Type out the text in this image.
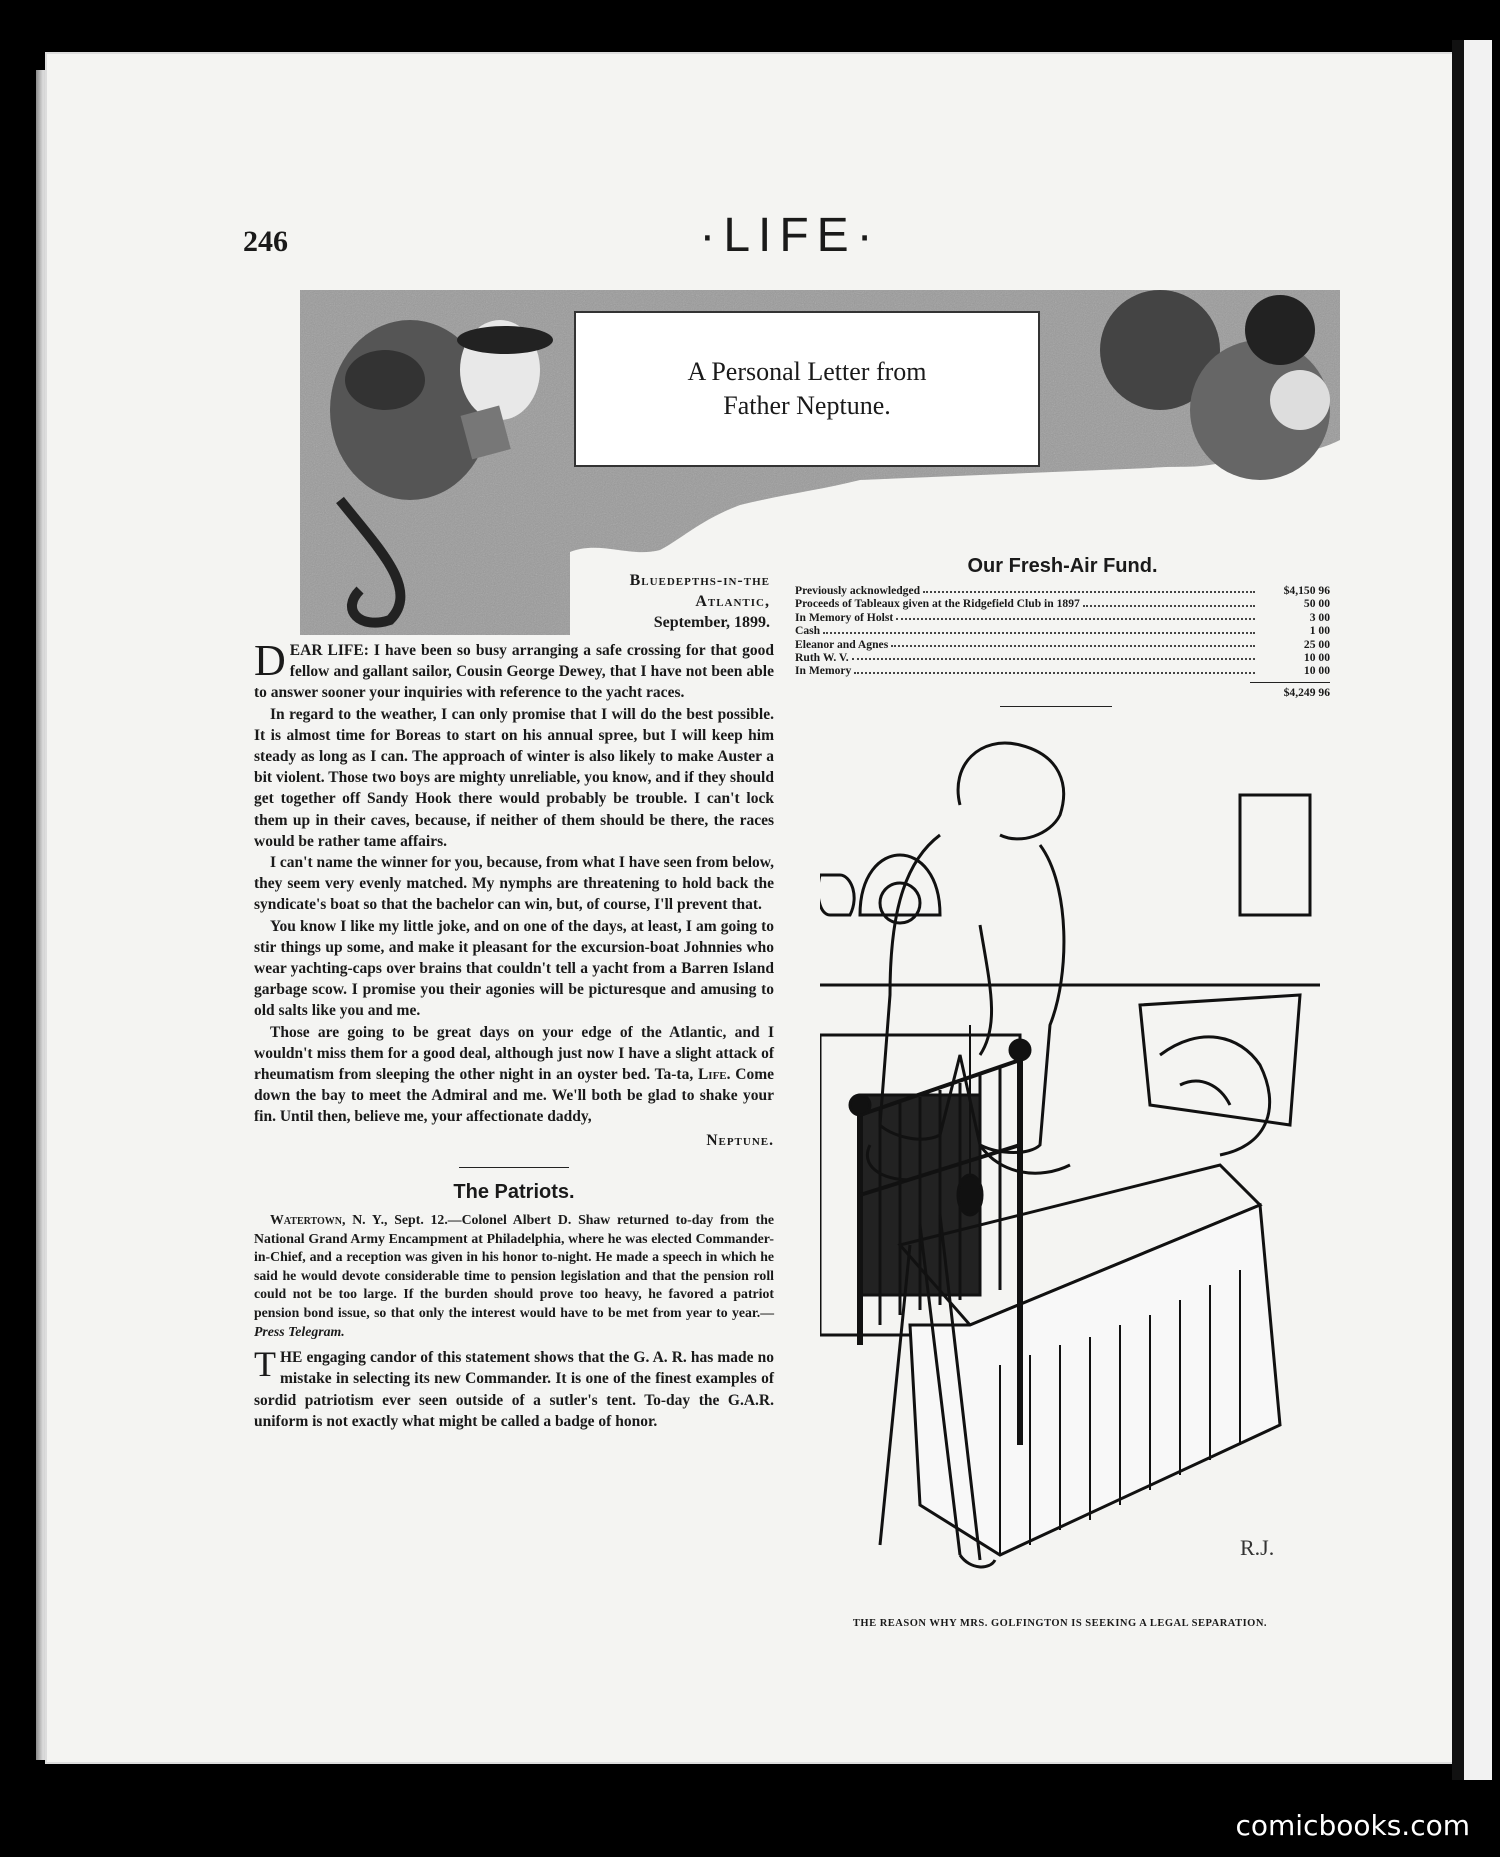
246	·LIFE·
A Personal Letter from
Father Neptune.
Bluedepths-in-the
Atlantic,
September, 1899.

DEAR LIFE: I have been so busy arranging a safe crossing for that good fellow and gallant sailor, Cousin George Dewey, that I have not been able to answer sooner your inquiries with reference to the yacht races.

In regard to the weather, I can only promise that I will do the best possible. It is almost time for Boreas to start on his annual spree, but I will keep him steady as long as I can. The approach of winter is also likely to make Auster a bit violent. Those two boys are mighty unreliable, you know, and if they should get together off Sandy Hook there would probably be trouble. I can't lock them up in their caves, because, if neither of them should be there, the races would be rather tame affairs.

I can't name the winner for you, because, from what I have seen from below, they seem very evenly matched. My nymphs are threatening to hold back the syndicate's boat so that the bachelor can win, but, of course, I'll prevent that.

You know I like my little joke, and on one of the days, at least, I am going to stir things up some, and make it pleasant for the excursion-boat Johnnies who wear yachting-caps over brains that couldn't tell a yacht from a Barren Island garbage scow. I promise you their agonies will be picturesque and amusing to old salts like you and me.

Those are going to be great days on your edge of the Atlantic, and I wouldn't miss them for a good deal, although just now I have a slight attack of rheumatism from sleeping the other night in an oyster bed. Ta-ta, Life. Come down the bay to meet the Admiral and me. We'll both be glad to shake your fin. Until then, believe me, your affectionate daddy,

Neptune.
The Patriots.

Watertown, N. Y., Sept. 12.—Colonel Albert D. Shaw returned to-day from the National Grand Army Encampment at Philadelphia, where he was elected Commander-in-Chief, and a reception was given in his honor to-night. He made a speech in which he said he would devote considerable time to pension legislation and that the pension roll could not be too large. If the burden should prove too heavy, he favored a patriot pension bond issue, so that only the interest would have to be met from year to year.—Press Telegram.

THE engaging candor of this statement shows that the G. A. R. has made no mistake in selecting its new Commander. It is one of the finest examples of sordid patriotism ever seen outside of a sutler's tent. To-day the G.A.R. uniform is not exactly what might be called a badge of honor.

Our Fresh-Air Fund.
Previously acknowledged	$4,150 96
Proceeds of Tableaux given at the Ridgefield Club in 1897	50 00
In Memory of Holst	3 00
Cash	1 00
Eleanor and Agnes	25 00
Ruth W. V.	10 00
In Memory	10 00
$4,249 96
R.J.
THE REASON WHY MRS. GOLFINGTON IS SEEKING A LEGAL SEPARATION.
comicbooks.com
